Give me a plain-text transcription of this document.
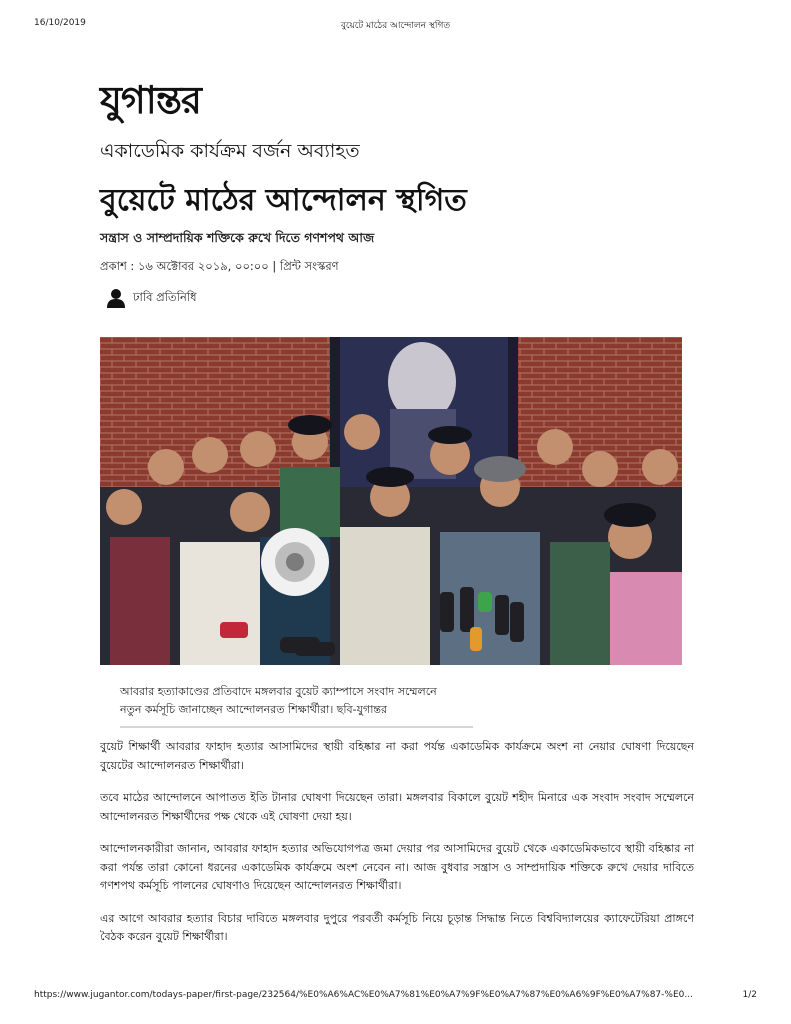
16/10/2019	বুয়েটে মাঠের আন্দোলন স্থগিত
যুগান্তর
একাডেমিক কার্যক্রম বর্জন অব্যাহত
বুয়েটে মাঠের আন্দোলন স্থগিত
সন্ত্রাস ও সাম্প্রদায়িক শক্তিকে রুখে দিতে গণশপথ আজ
প্রকাশ : ১৬ অক্টোবর ২০১৯, ০০:০০ | প্রিন্ট সংস্করণ
ঢাবি প্রতিনিধি
আবরার হত্যাকাণ্ডের প্রতিবাদে মঙ্গলবার বুয়েট ক্যাম্পাসে সংবাদ সম্মেলনে
নতুন কর্মসূচি জানাচ্ছেন আন্দোলনরত শিক্ষার্থীরা। ছবি-যুগান্তর

বুয়েট শিক্ষার্থী আবরার ফাহাদ হত্যার আসামিদের স্থায়ী বহিষ্কার না করা পর্যন্ত একাডেমিক কার্যক্রমে অংশ না নেয়ার ঘোষণা দিয়েছেন বুয়েটের আন্দোলনরত শিক্ষার্থীরা।

তবে মাঠের আন্দোলনে আপাতত ইতি টানার ঘোষণা দিয়েছেন তারা। মঙ্গলবার বিকালে বুয়েট শহীদ মিনারে এক সংবাদ সংবাদ সম্মেলনে আন্দোলনরত শিক্ষার্থীদের পক্ষ থেকে এই ঘোষণা দেয়া হয়।

আন্দোলনকারীরা জানান, আবরার ফাহাদ হত্যার অভিযোগপত্র জমা দেয়ার পর আসামিদের বুয়েট থেকে একাডেমিকভাবে স্থায়ী বহিষ্কার না করা পর্যন্ত তারা কোনো ধরনের একাডেমিক কার্যক্রমে অংশ নেবেন না। আজ বুধবার সন্ত্রাস ও সাম্প্রদায়িক শক্তিকে রুখে দেয়ার দাবিতে গণশপথ কর্মসূচি পালনের ঘোষণাও দিয়েছেন আন্দোলনরত শিক্ষার্থীরা।

এর আগে আবরার হত্যার বিচার দাবিতে মঙ্গলবার দুপুরে পরবর্তী কর্মসূচি নিয়ে চূড়ান্ত সিদ্ধান্ত নিতে বিশ্ববিদ্যালয়ের ক্যাফেটেরিয়া প্রাঙ্গণে বৈঠক করেন বুয়েট শিক্ষার্থীরা।

https://www.jugantor.com/todays-paper/first-page/232564/%E0%A6%AC%E0%A7%81%E0%A7%9F%E0%A7%87%E0%A6%9F%E0%A7%87-%E0...	1/2
